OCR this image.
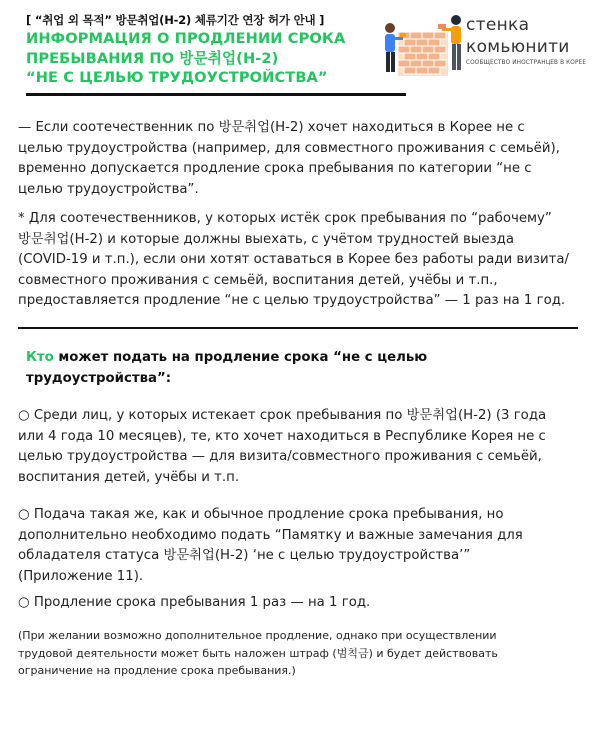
[ “취업 외 목적” 방문취업(H-2) 체류기간 연장 허가 안내 ]
ИНФОРМАЦИЯ О ПРОДЛЕНИИ СРОКА
ПРЕБЫВАНИЯ ПО 방문취업(H-2)
“НЕ С ЦЕЛЬЮ ТРУДОУСТРОЙСТВА”
стенка
комьюнити
СООБЩЕСТВО ИНОСТРАНЦЕВ В КОРЕЕ
— Если соотечественник по 방문취업(H-2) хочет находиться в Корее не с
целью трудоустройства (например, для совместного проживания с семьёй),
временно допускается продление срока пребывания по категории “не с
целью трудоустройства”.
* Для соотечественников, у которых истёк срок пребывания по “рабочему”
방문취업(H-2) и которые должны выехать, с учётом трудностей выезда
(COVID-19 и т.п.), если они хотят оставаться в Корее без работы ради визита/
совместного проживания с семьёй, воспитания детей, учёбы и т.п.,
предоставляется продление “не с целью трудоустройства” — 1 раз на 1 год.
Кто может подать на продление срока “не с целью
трудоустройства”:
○ Среди лиц, у которых истекает срок пребывания по 방문취업(H-2) (3 года
или 4 года 10 месяцев), те, кто хочет находиться в Республике Корея не с
целью трудоустройства — для визита/совместного проживания с семьёй,
воспитания детей, учёбы и т.п.
○ Подача такая же, как и обычное продление срока пребывания, но
дополнительно необходимо подать “Памятку и важные замечания для
обладателя статуса 방문취업(H-2) ‘не с целью трудоустройства’”
(Приложение 11).
○ Продление срока пребывания 1 раз — на 1 год.
(При желании возможно дополнительное продление, однако при осуществлении
трудовой деятельности может быть наложен штраф (범칙금) и будет действовать
ограничение на продление срока пребывания.)
